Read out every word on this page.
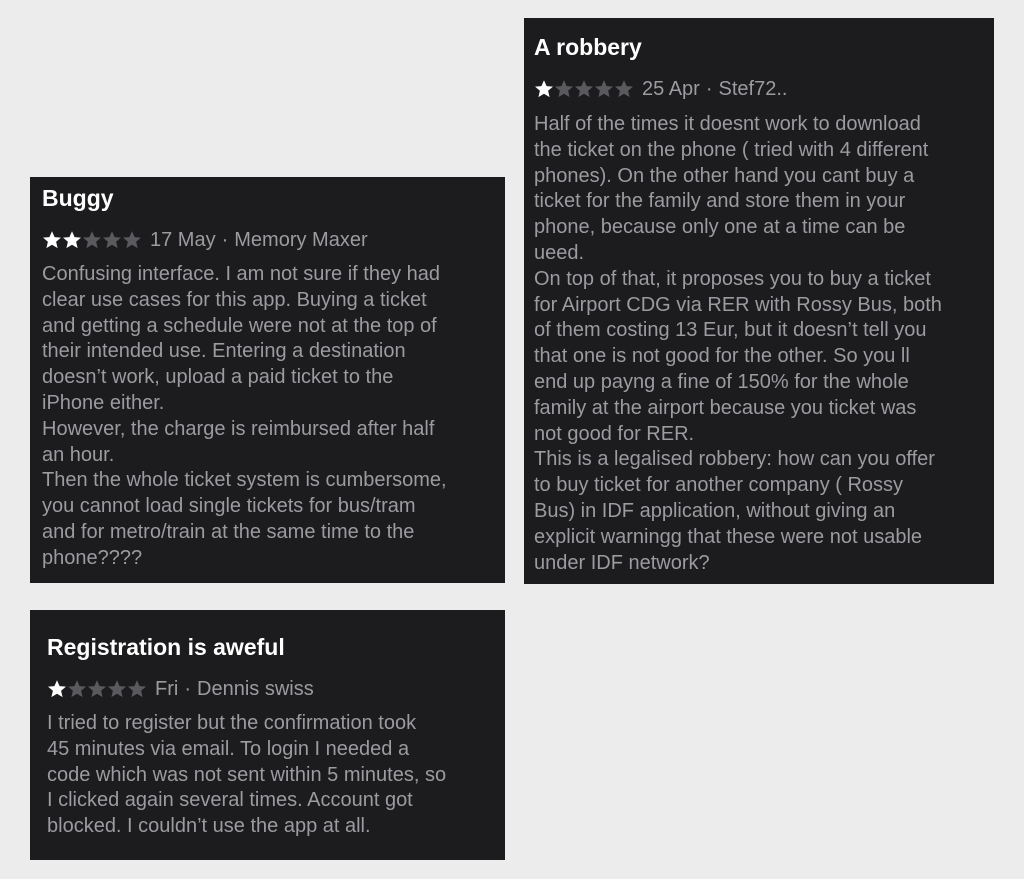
Buggy
17 May · Memory Maxer
Confusing interface. I am not sure if they had
clear use cases for this app. Buying a ticket
and getting a schedule were not at the top of
their intended use. Entering a destination
doesn’t work, upload a paid ticket to the
iPhone either.
However, the charge is reimbursed after half
an hour.
Then the whole ticket system is cumbersome,
you cannot load single tickets for bus/tram
and for metro/train at the same time to the
phone????
A robbery
25 Apr · Stef72..
Half of the times it doesnt work to download
the ticket on the phone ( tried with 4 different
phones). On the other hand you cant buy a
ticket for the family and store them in your
phone, because only one at a time can be
ueed.
On top of that, it proposes you to buy a ticket
for Airport CDG via RER with Rossy Bus, both
of them costing 13 Eur, but it doesn’t tell you
that one is not good for the other. So you ll
end up payng a fine of 150% for the whole
family at the airport because you ticket was
not good for RER.
This is a legalised robbery: how can you offer
to buy ticket for another company ( Rossy
Bus) in IDF application, without giving an
explicit warningg that these were not usable
under IDF network?
Registration is aweful
Fri · Dennis swiss
I tried to register but the confirmation took
45 minutes via email. To login I needed a
code which was not sent within 5 minutes, so
I clicked again several times. Account got
blocked. I couldn’t use the app at all.
